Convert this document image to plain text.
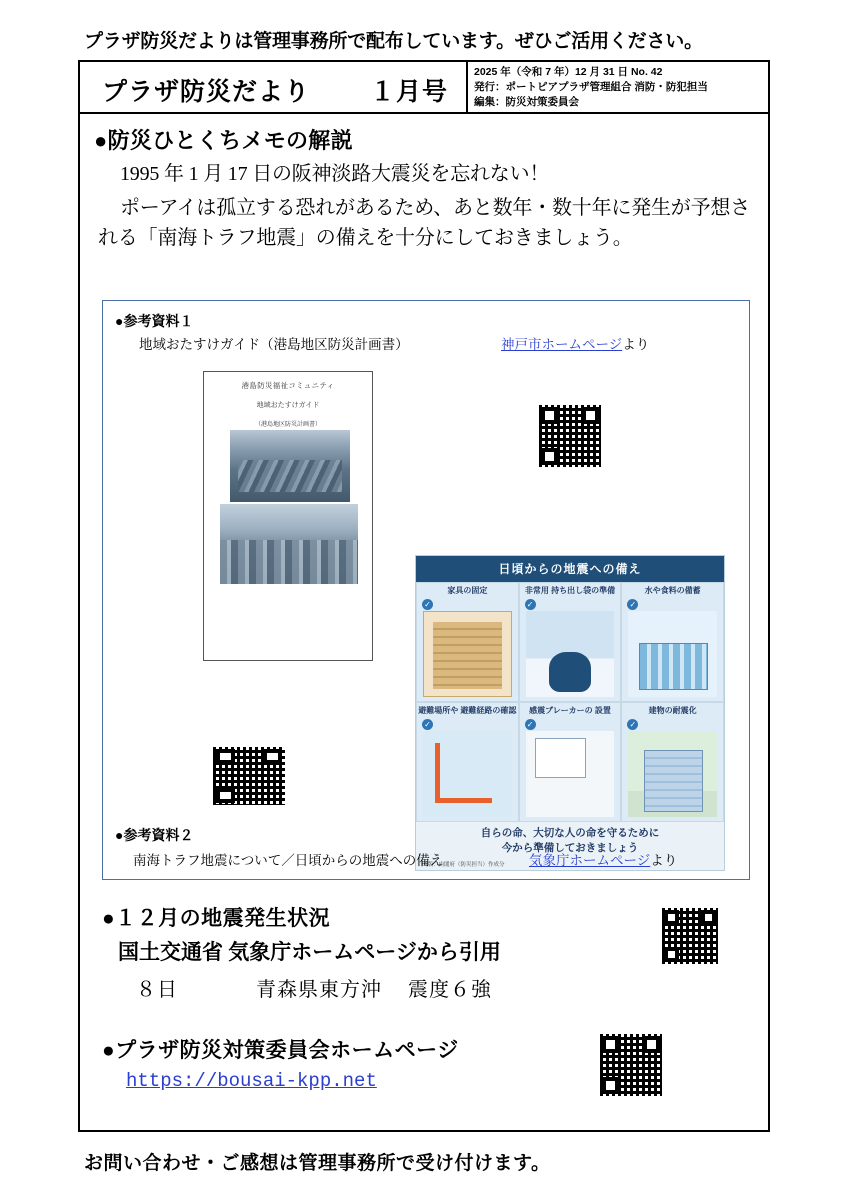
プラザ防災だよりは管理事務所で配布しています。ぜひご活用ください。
プラザ防災だより １月号
2025 年（令和 7 年）12 月 31 日 No. 42
発行：ポートピアプラザ管理組合 消防・防犯担当
編集：防災対策委員会
●防災ひとくちメモの解説

1995 年 1 月 17 日の阪神淡路大震災を忘れない！

ポーアイは孤立する恐れがあるため、あと数年・数十年に発生が予想される「南海トラフ地震」の備えを十分にしておきましょう。

●参考資料１
地域おたすけガイド（港島地区防災計画書）	神戸市ホームページより
港島防災福祉コミュニティ
地域おたすけガイド
（港島地区防災計画書）
日頃からの地震への備え
家具の固定
✓
非常用 持ち出し袋の準備
✓
水や食料の備蓄
✓
避難場所や 避難経路の確認
✓
感震ブレーカーの 設置
✓
建物の耐震化
✓
自らの命、大切な人の命を守るために
今から準備しておきましょう
図版：内閣府（防災担当）作成分
●参考資料２
南海トラフ地震について／日頃からの地震への備え	気象庁ホームページより
●１２月の地震発生状況
国土交通省 気象庁ホームページから引用
８日	青森県東方沖 震度６強
●プラザ防災対策委員会ホームページ
https://bousai-kpp.net
お問い合わせ・ご感想は管理事務所で受け付けます。
